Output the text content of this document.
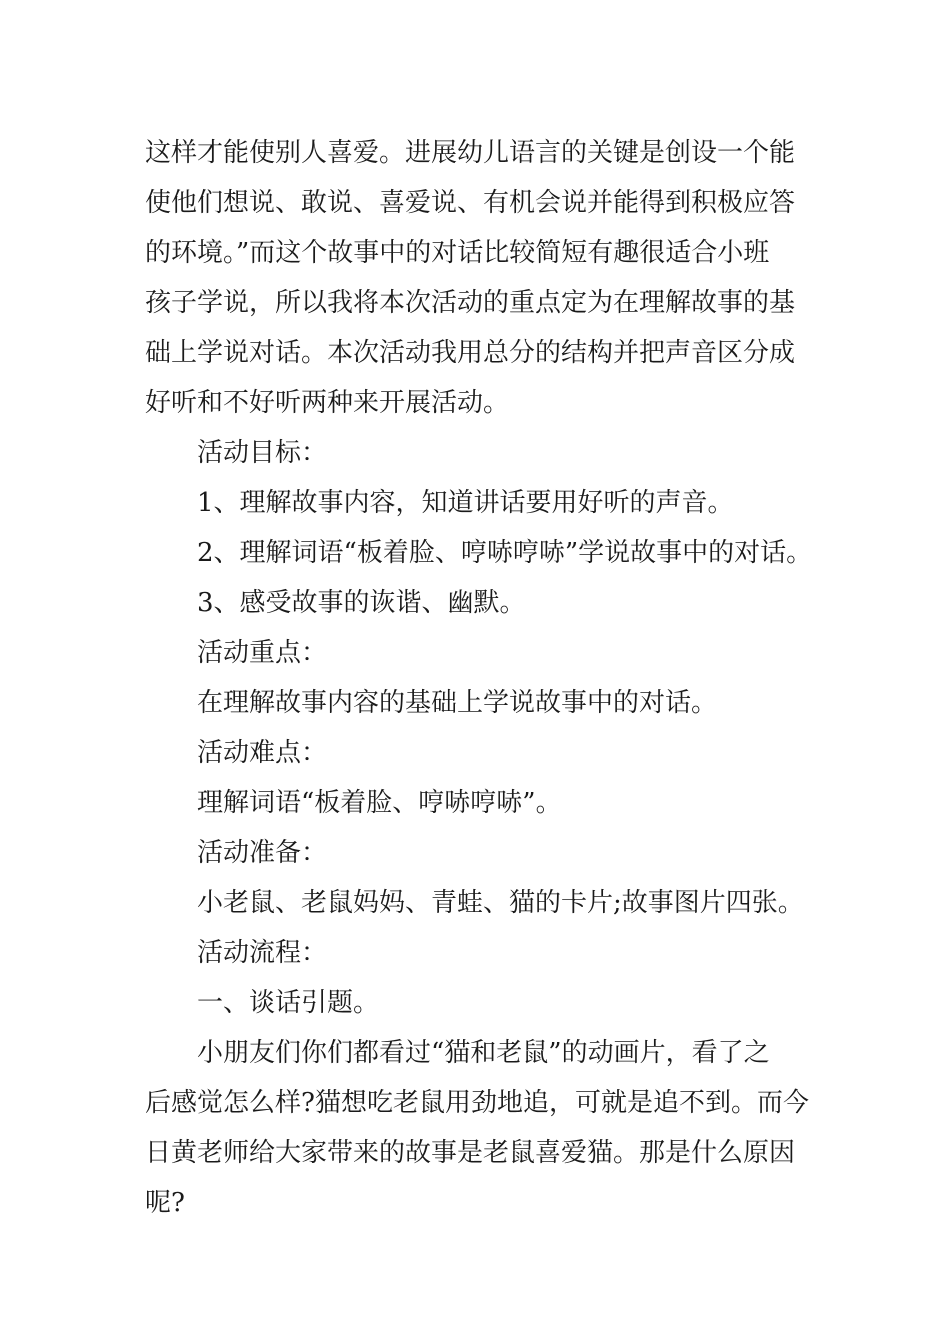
这样才能使别人喜爱。进展幼儿语言的关键是创设一个能
使他们想说、敢说、喜爱说、有机会说并能得到积极应答
的环境。”而这个故事中的对话比较简短有趣很适合小班
孩子学说，所以我将本次活动的重点定为在理解故事的基
础上学说对话。本次活动我用总分的结构并把声音区分成
好听和不好听两种来开展活动。
活动目标：
1、理解故事内容，知道讲话要用好听的声音。
2、理解词语“板着脸、哼哧哼哧”学说故事中的对话。
3、感受故事的诙谐、幽默。
活动重点：
在理解故事内容的基础上学说故事中的对话。
活动难点：
理解词语“板着脸、哼哧哼哧”。
活动准备：
小老鼠、老鼠妈妈、青蛙、猫的卡片;故事图片四张。
活动流程：
一、谈话引题。
小朋友们你们都看过“猫和老鼠”的动画片，看了之
后感觉怎么样?猫想吃老鼠用劲地追，可就是追不到。而今
日黄老师给大家带来的故事是老鼠喜爱猫。那是什么原因
呢?
